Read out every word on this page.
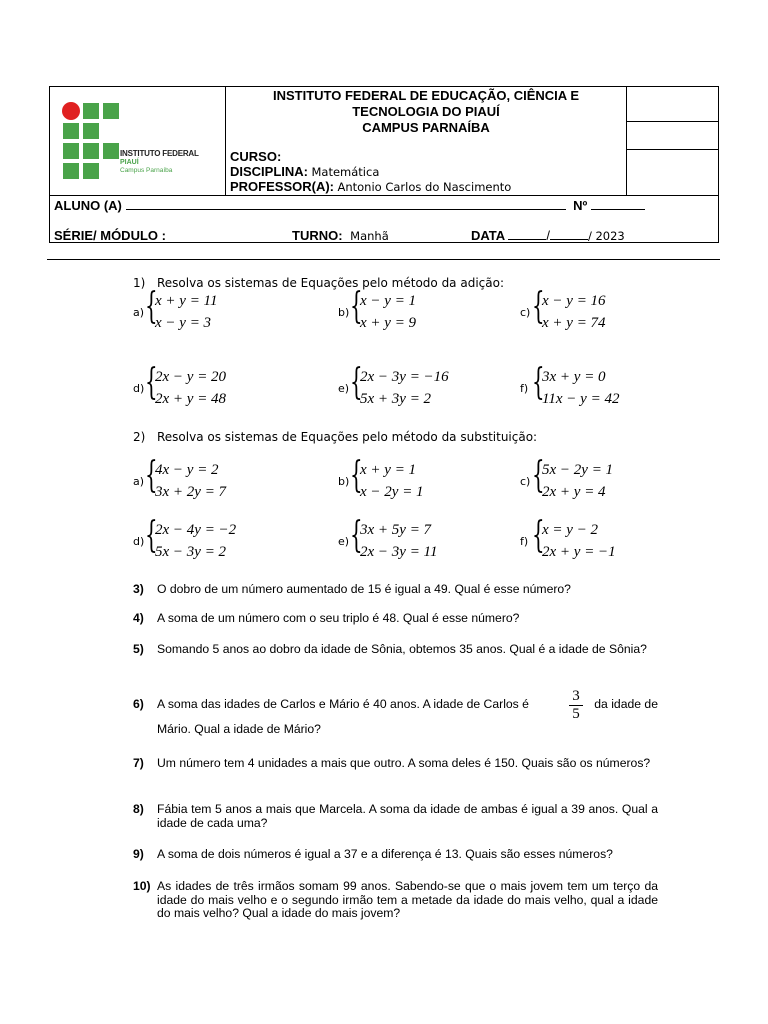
INSTITUTO FEDERAL
PIAUÍ
Campus Parnaíba
INSTITUTO FEDERAL DE EDUCAÇÃO, CIÊNCIA E
TECNOLOGIA DO PIAUÍ
CAMPUS PARNAÍBA
CURSO:
DISCIPLINA: Matemática
PROFESSOR(A): Antonio Carlos do Nascimento
ALUNO (A)	Nº
SÉRIE/ MÓDULO :	TURNO: Manhã	DATA	/	/ 2023
1) Resolva os sistemas de Equações pelo método da adição:
a) {
x + y = 11
x − y = 3
b) {
x − y = 1
x + y = 9
c) {
x − y = 16
x + y = 74
d) {
2x − y = 20
2x + y = 48
e) {
2x − 3y = −16
5x + 3y = 2
f) {
3x + y = 0
11x − y = 42
2) Resolva os sistemas de Equações pelo método da substituição:
a) {
4x − y = 2
3x + 2y = 7
b) {
x + y = 1
x − 2y = 1
c) {
5x − 2y = 1
2x + y = 4
d) {
2x − 4y = −2
5x − 3y = 2
e) {
3x + 5y = 7
2x − 3y = 11
f) {
x = y − 2
2x + y = −1
3) O dobro de um número aumentado de 15 é igual a 49. Qual é esse número?
4) A soma de um número com o seu triplo é 48. Qual é esse número?
5) Somando 5 anos ao dobro da idade de Sônia, obtemos 35 anos. Qual é a idade de Sônia?
6) A soma das idades de Carlos e Mário é 40 anos. A idade de Carlos é	$\frac{3}{5}$ da idade de
Mário. Qual a idade de Mário?
7) Um número tem 4 unidades a mais que outro. A soma deles é 150. Quais são os números?
8) Fábia tem 5 anos a mais que Marcela. A soma da idade de ambas é igual a 39 anos. Qual a idade de cada uma?
9) A soma de dois números é igual a 37 e a diferença é 13. Quais são esses números?
10) As idades de três irmãos somam 99 anos. Sabendo-se que o mais jovem tem um terço da idade do mais velho e o segundo irmão tem a metade da idade do mais velho, qual a idade do mais velho? Qual a idade do mais jovem?
